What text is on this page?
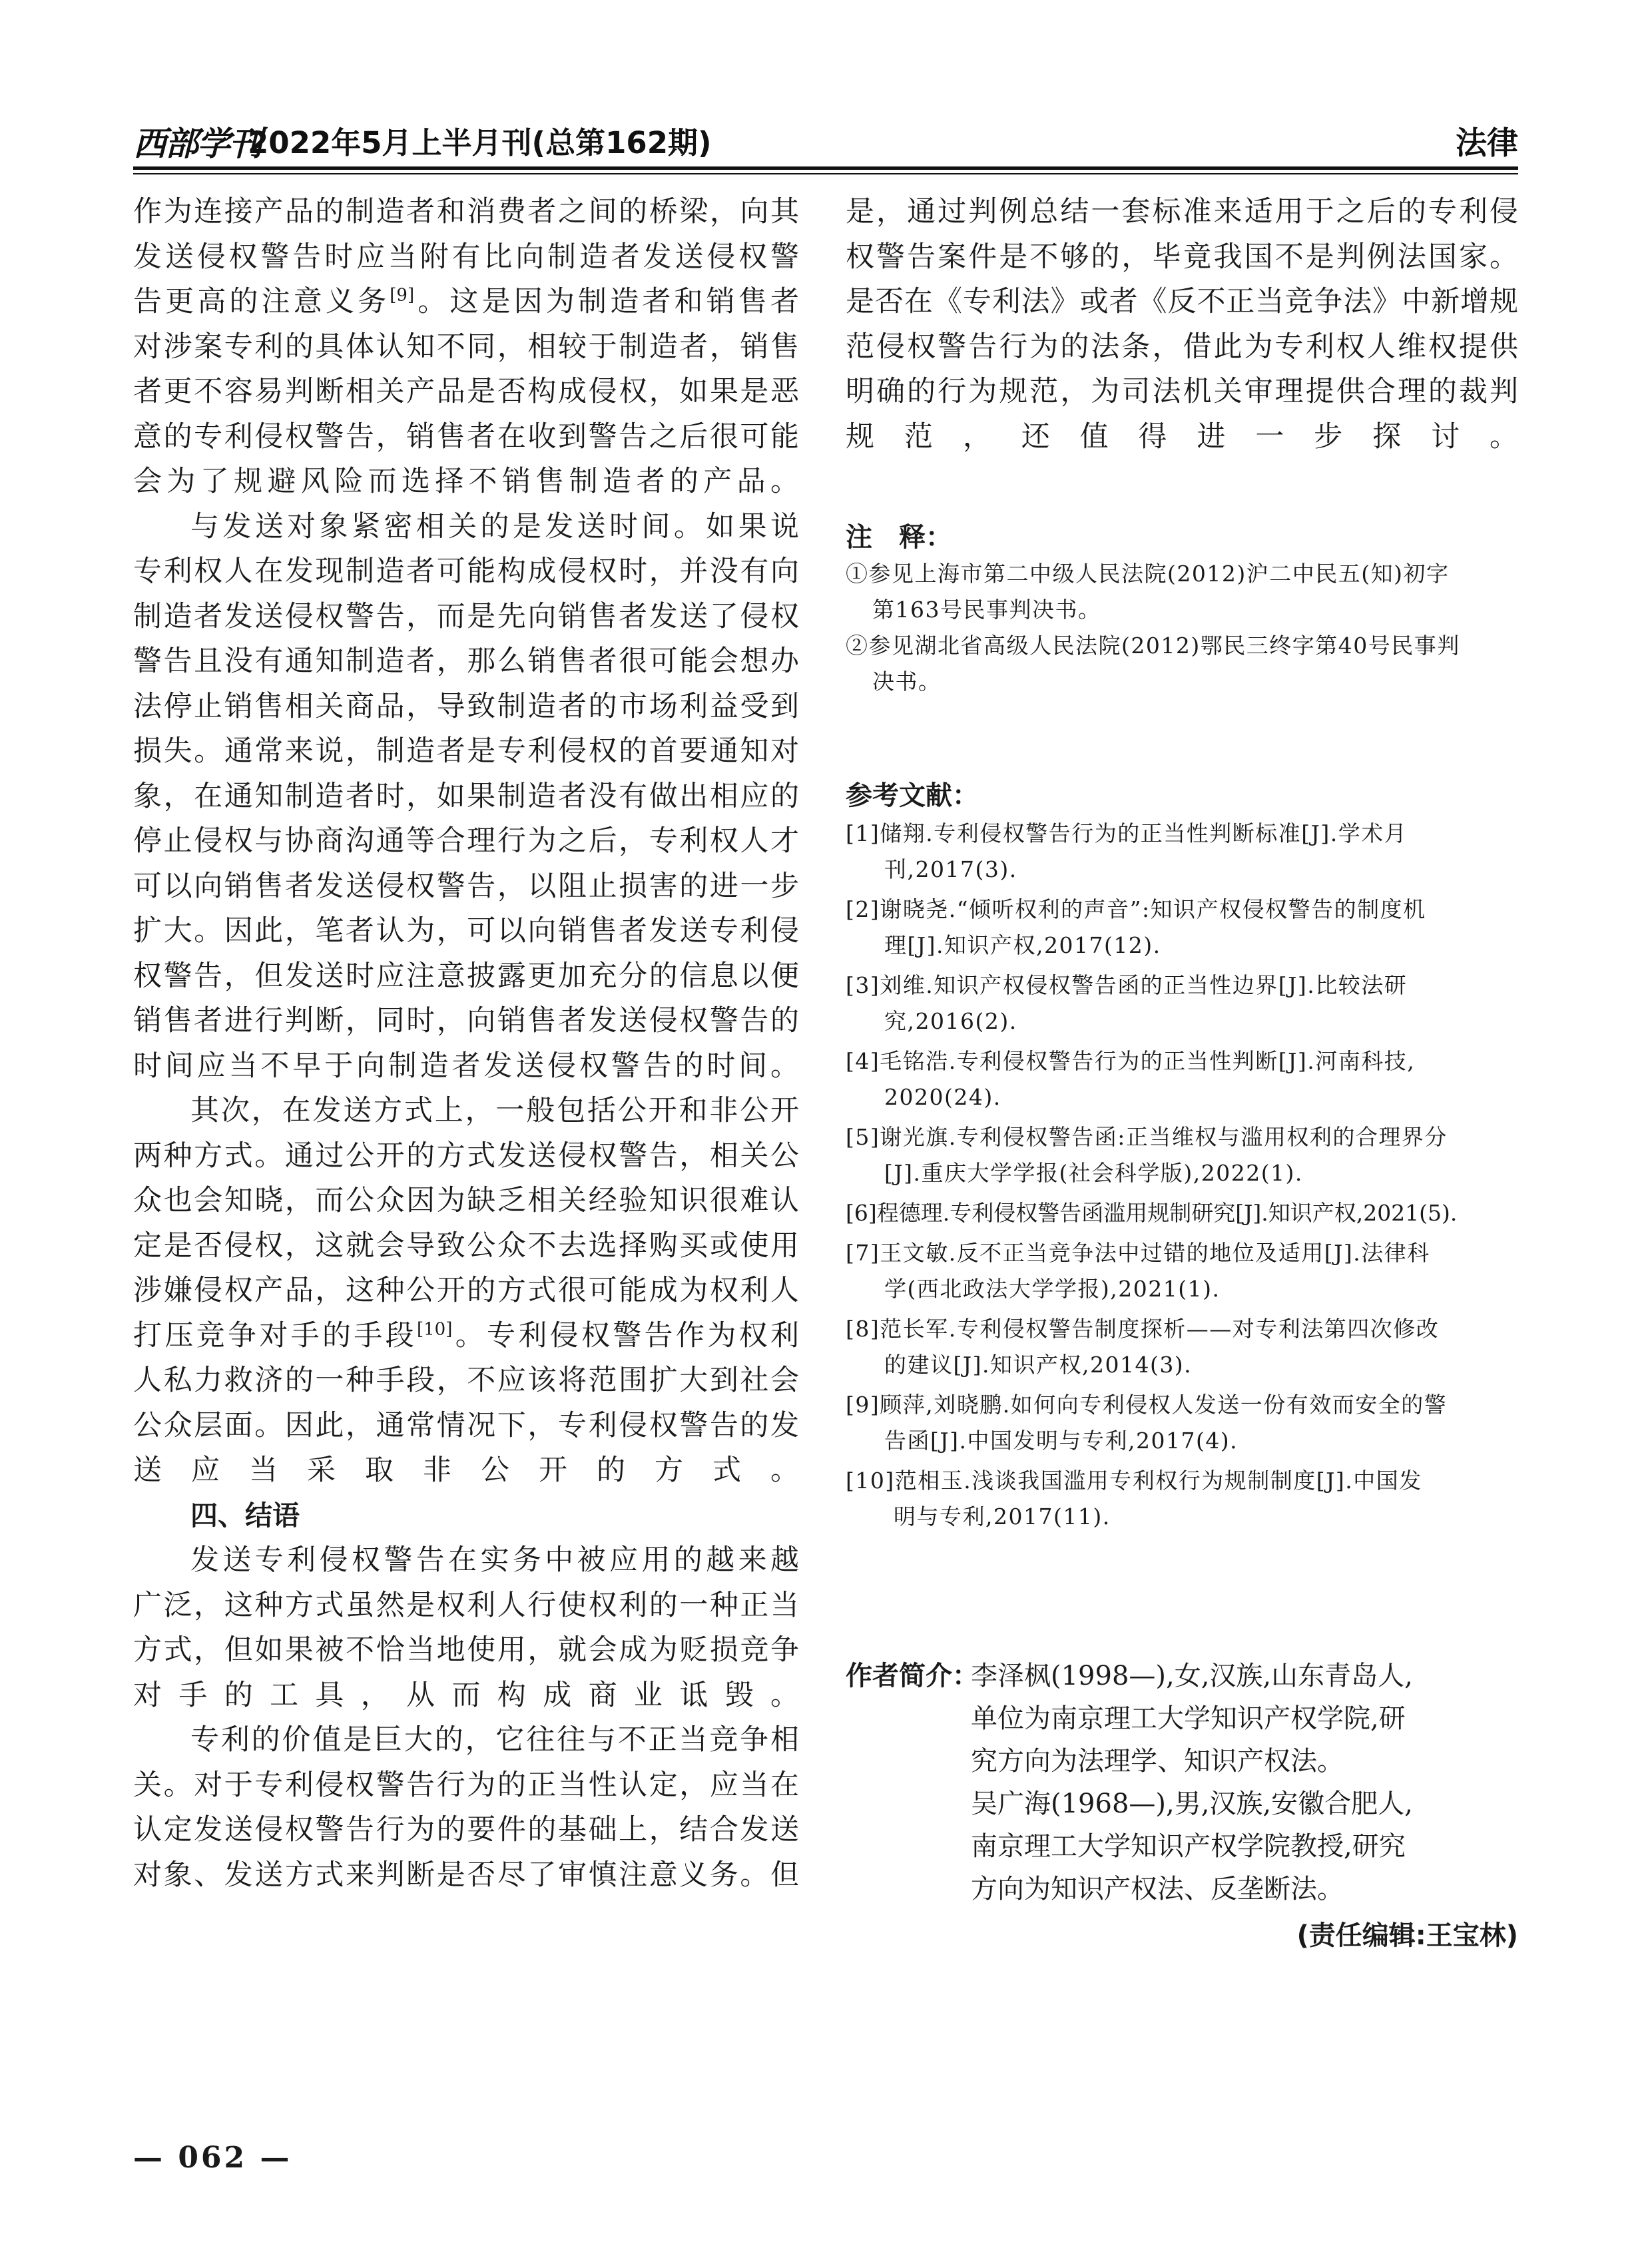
西部学刊
2022年5月上半月刊(总第162期)	法律
作为连接产品的制造者和消费者之间的桥梁，向其
发送侵权警告时应当附有比向制造者发送侵权警
告更高的注意义务[9]。这是因为制造者和销售者
对涉案专利的具体认知不同，相较于制造者，销售
者更不容易判断相关产品是否构成侵权，如果是恶
意的专利侵权警告，销售者在收到警告之后很可能
会为了规避风险而选择不销售制造者的产品。
与发送对象紧密相关的是发送时间。如果说
专利权人在发现制造者可能构成侵权时，并没有向
制造者发送侵权警告，而是先向销售者发送了侵权
警告且没有通知制造者，那么销售者很可能会想办
法停止销售相关商品，导致制造者的市场利益受到
损失。通常来说，制造者是专利侵权的首要通知对
象，在通知制造者时，如果制造者没有做出相应的
停止侵权与协商沟通等合理行为之后，专利权人才
可以向销售者发送侵权警告，以阻止损害的进一步
扩大。因此，笔者认为，可以向销售者发送专利侵
权警告，但发送时应注意披露更加充分的信息以便
销售者进行判断，同时，向销售者发送侵权警告的
时间应当不早于向制造者发送侵权警告的时间。
其次，在发送方式上，一般包括公开和非公开
两种方式。通过公开的方式发送侵权警告，相关公
众也会知晓，而公众因为缺乏相关经验知识很难认
定是否侵权，这就会导致公众不去选择购买或使用
涉嫌侵权产品，这种公开的方式很可能成为权利人
打压竞争对手的手段[10]。专利侵权警告作为权利
人私力救济的一种手段，不应该将范围扩大到社会
公众层面。因此，通常情况下，专利侵权警告的发
送应当采取非公开的方式。
四、结语
发送专利侵权警告在实务中被应用的越来越
广泛，这种方式虽然是权利人行使权利的一种正当
方式，但如果被不恰当地使用，就会成为贬损竞争
对手的工具，从而构成商业诋毁。
专利的价值是巨大的，它往往与不正当竞争相
关。对于专利侵权警告行为的正当性认定，应当在
认定发送侵权警告行为的要件的基础上，结合发送
对象、发送方式来判断是否尽了审慎注意义务。但
是，通过判例总结一套标准来适用于之后的专利侵
权警告案件是不够的，毕竟我国不是判例法国家。
是否在《专利法》或者《反不正当竞争法》中新增规
范侵权警告行为的法条，借此为专利权人维权提供
明确的行为规范，为司法机关审理提供合理的裁判
规范，还值得进一步探讨。
注　释：
①参见上海市第二中级人民法院(2012)沪二中民五(知)初字
第163号民事判决书。
②参见湖北省高级人民法院(2012)鄂民三终字第40号民事判
决书。
参考文献：
[1]储翔.专利侵权警告行为的正当性判断标准[J].学术月
刊,2017(3).
[2]谢晓尧.“倾听权利的声音”:知识产权侵权警告的制度机
理[J].知识产权,2017(12).
[3]刘维.知识产权侵权警告函的正当性边界[J].比较法研
究,2016(2).
[4]毛铭浩.专利侵权警告行为的正当性判断[J].河南科技,
2020(24).
[5]谢光旗.专利侵权警告函:正当维权与滥用权利的合理界分
[J].重庆大学学报(社会科学版),2022(1).
[6]程德理.专利侵权警告函滥用规制研究[J].知识产权,2021(5).
[7]王文敏.反不正当竞争法中过错的地位及适用[J].法律科
学(西北政法大学学报),2021(1).
[8]范长军.专利侵权警告制度探析——对专利法第四次修改
的建议[J].知识产权,2014(3).
[9]顾萍,刘晓鹏.如何向专利侵权人发送一份有效而安全的警
告函[J].中国发明与专利,2017(4).
[10]范相玉.浅谈我国滥用专利权行为规制制度[J].中国发
明与专利,2017(11).
作者简介：
李泽枫(1998—),女,汉族,山东青岛人,
单位为南京理工大学知识产权学院,研
究方向为法理学、知识产权法。
吴广海(1968—),男,汉族,安徽合肥人,
南京理工大学知识产权学院教授,研究
方向为知识产权法、反垄断法。
(责任编辑:王宝林)
— 062 —
